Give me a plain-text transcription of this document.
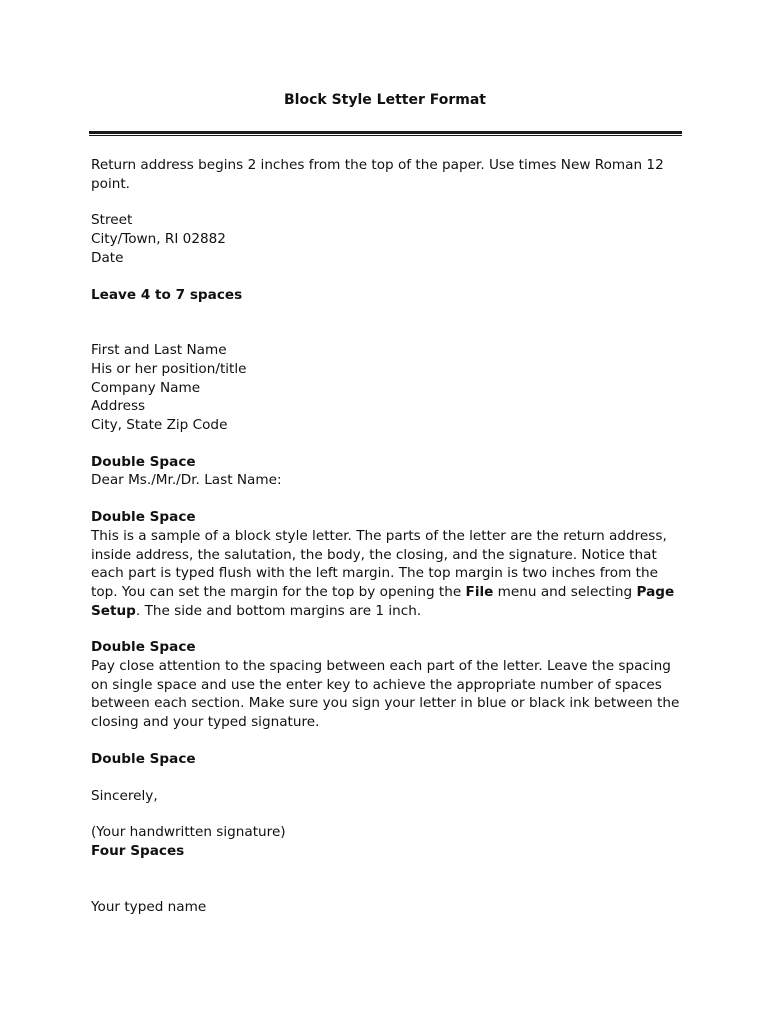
Block Style Letter Format

Return address begins 2 inches from the top of the paper. Use times New Roman 12 point.

Street

City/Town, RI 02882

Date

Leave 4 to 7 spaces

First and Last Name

His or her position/title

Company Name

Address

City, State Zip Code

Double Space

Dear Ms./Mr./Dr. Last Name:

Double Space

This is a sample of a block style letter. The parts of the letter are the return address, inside address, the salutation, the body, the closing, and the signature. Notice that each part is typed flush with the left margin. The top margin is two inches from the top. You can set the margin for the top by opening the File menu and selecting Page Setup. The side and bottom margins are 1 inch.

Double Space

Pay close attention to the spacing between each part of the letter. Leave the spacing on single space and use the enter key to achieve the appropriate number of spaces between each section. Make sure you sign your letter in blue or black ink between the closing and your typed signature.

Double Space

Sincerely,

(Your handwritten signature)

Four Spaces

Your typed name
